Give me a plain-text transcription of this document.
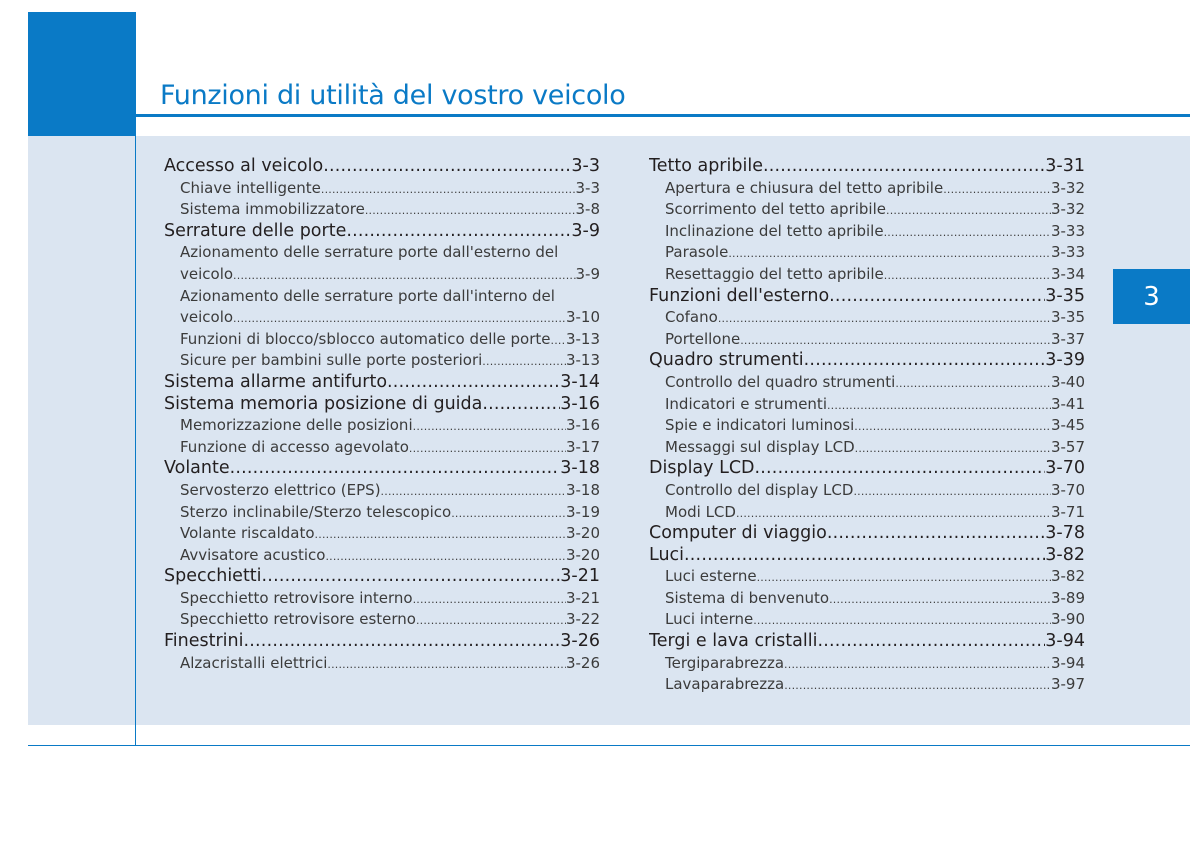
Funzioni di utilità del vostro veicolo
3
Accesso al veicolo .....	3-3
Chiave intelligente .....	3-3
Sistema immobilizzatore .....	3-8
Serrature delle porte .....	3-9
Azionamento delle serrature porte dall'esterno del
veicolo .....	3-9
Azionamento delle serrature porte dall'interno del
veicolo .....	3-10
Funzioni di blocco/sblocco automatico delle porte ..... 3-13
Sicure per bambini sulle porte posteriori .....	3-13
Sistema allarme antifurto .....	3-14
Sistema memoria posizione di guida .....	3-16
Memorizzazione delle posizioni .....	3-16
Funzione di accesso agevolato .....	3-17
Volante .....	3-18
Servosterzo elettrico (EPS) .....	3-18
Sterzo inclinabile/Sterzo telescopico .....	3-19
Volante riscaldato .....	3-20
Avvisatore acustico .....	3-20
Specchietti .....	3-21
Specchietto retrovisore interno .....	3-21
Specchietto retrovisore esterno .....	3-22
Finestrini .....	3-26
Alzacristalli elettrici .....	3-26
Tetto apribile .....	3-31
Apertura e chiusura del tetto apribile .....	3-32
Scorrimento del tetto apribile .....	3-32
Inclinazione del tetto apribile .....	3-33
Parasole .....	3-33
Resettaggio del tetto apribile .....	3-34
Funzioni dell'esterno .....	3-35
Cofano .....	3-35
Portellone .....	3-37
Quadro strumenti .....	3-39
Controllo del quadro strumenti .....	3-40
Indicatori e strumenti .....	3-41
Spie e indicatori luminosi .....	3-45
Messaggi sul display LCD .....	3-57
Display LCD .....	3-70
Controllo del display LCD .....	3-70
Modi LCD .....	3-71
Computer di viaggio .....	3-78
Luci .....	3-82
Luci esterne .....	3-82
Sistema di benvenuto .....	3-89
Luci interne .....	3-90
Tergi e lava cristalli .....	3-94
Tergiparabrezza .....	3-94
Lavaparabrezza .....	3-97
